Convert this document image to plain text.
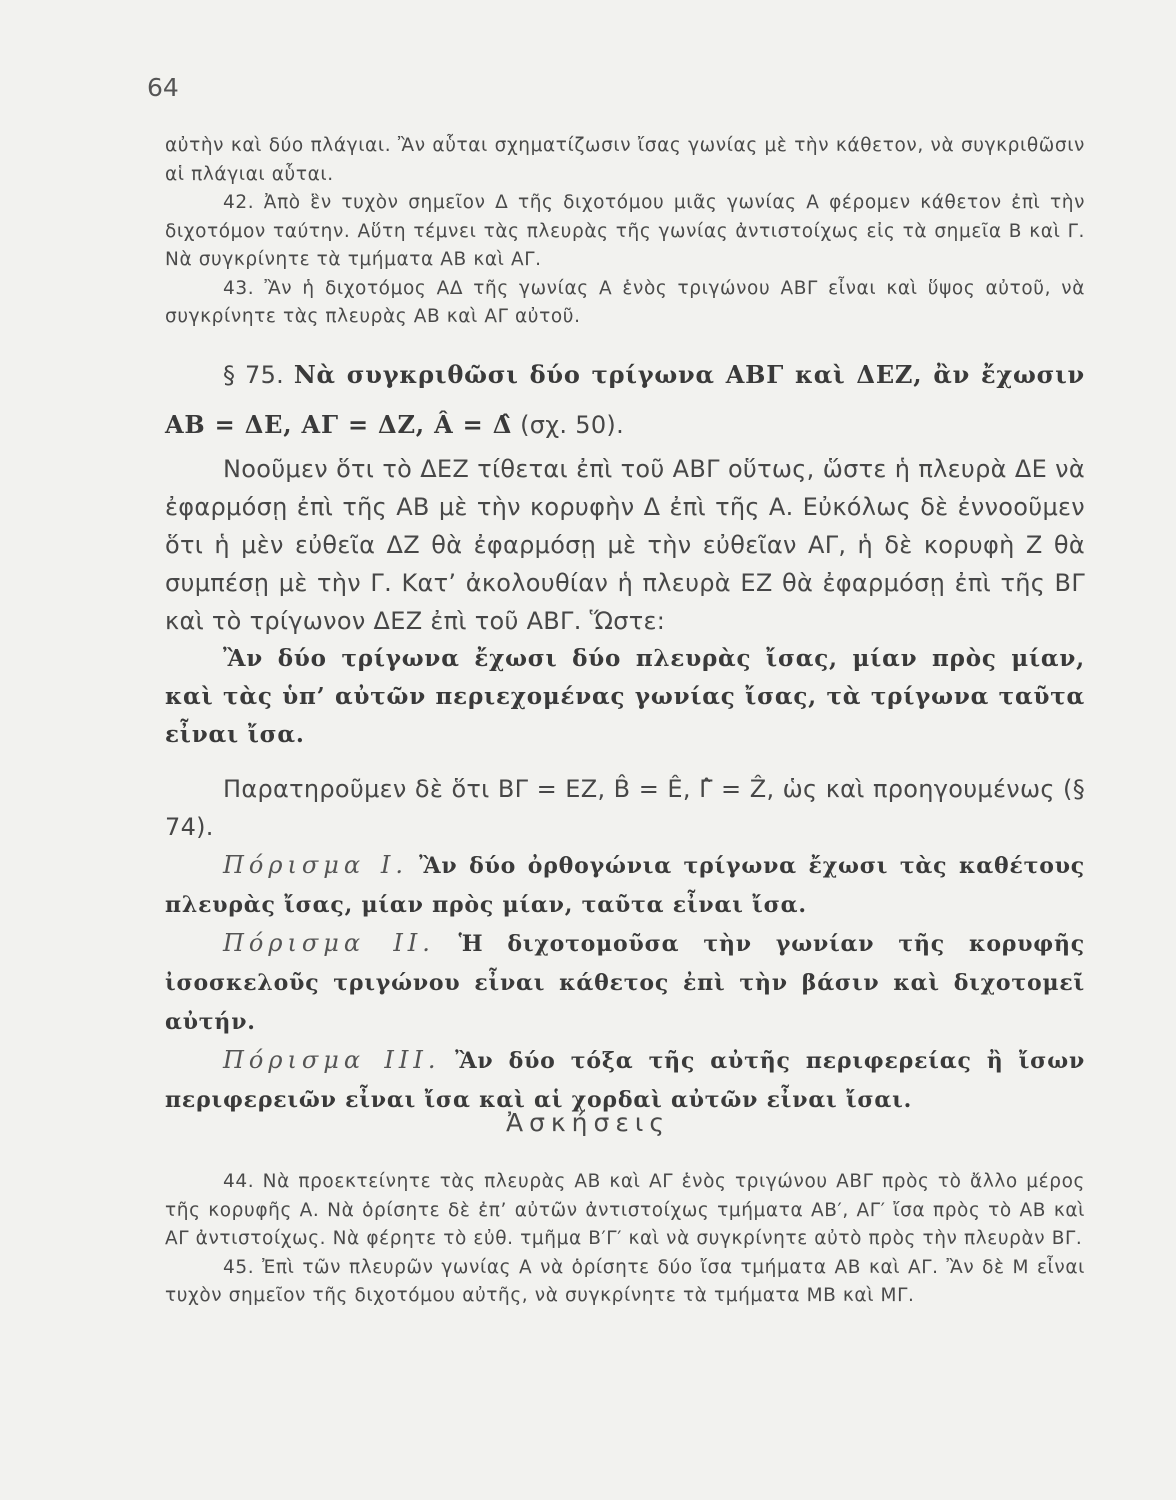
64

αὐτὴν καὶ δύο πλάγιαι. Ἂν αὗται σχηματίζωσιν ἴσας γωνίας μὲ τὴν κάθετον, νὰ συγκριθῶσιν αἱ πλάγιαι αὗται.

42. Ἀπὸ ἓν τυχὸν σημεῖον Δ τῆς διχοτόμου μιᾶς γωνίας Α φέρομεν κάθετον ἐπὶ τὴν διχοτόμον ταύτην. Αὕτη τέμνει τὰς πλευρὰς τῆς γωνίας ἀντιστοίχως εἰς τὰ σημεῖα Β καὶ Γ. Νὰ συγκρίνητε τὰ τμήματα ΑΒ καὶ ΑΓ.

43. Ἂν ἡ διχοτόμος ΑΔ τῆς γωνίας Α ἑνὸς τριγώνου ΑΒΓ εἶναι καὶ ὕψος αὐτοῦ, νὰ συγκρίνητε τὰς πλευρὰς ΑΒ καὶ ΑΓ αὐτοῦ.

§ 75. Νὰ συγκριθῶσι δύο τρίγωνα ΑΒΓ καὶ ΔΕΖ, ἂν ἔχωσιν ΑΒ = ΔΕ, ΑΓ = ΔΖ, Â = Δ̂ (σχ. 50).

Νοοῦμεν ὅτι τὸ ΔΕΖ τίθεται ἐπὶ τοῦ ΑΒΓ οὕτως, ὥστε ἡ πλευρὰ ΔΕ νὰ ἐφαρμόσῃ ἐπὶ τῆς ΑΒ μὲ τὴν κορυφὴν Δ ἐπὶ τῆς Α. Εὐκόλως δὲ ἐννοοῦμεν ὅτι ἡ μὲν εὐθεῖα ΔΖ θὰ ἐφαρμόσῃ μὲ τὴν εὐθεῖαν ΑΓ, ἡ δὲ κορυφὴ Ζ θὰ συμπέσῃ μὲ τὴν Γ. Κατ’ ἀκολουθίαν ἡ πλευρὰ ΕΖ θὰ ἐφαρμόσῃ ἐπὶ τῆς ΒΓ καὶ τὸ τρίγωνον ΔΕΖ ἐπὶ τοῦ ΑΒΓ. Ὥστε:

Ἂν δύο τρίγωνα ἔχωσι δύο πλευρὰς ἴσας, μίαν πρὸς μίαν, καὶ τὰς ὑπ’ αὐτῶν περιεχομένας γωνίας ἴσας, τὰ τρίγωνα ταῦτα εἶναι ἴσα.

Παρατηροῦμεν δὲ ὅτι ΒΓ = ΕΖ, B̂ = Ê, Γ̂ = Ẑ, ὡς καὶ προηγουμένως (§ 74).

Πόρισμα Ι. Ἂν δύο ὀρθογώνια τρίγωνα ἔχωσι τὰς καθέτους πλευρὰς ἴσας, μίαν πρὸς μίαν, ταῦτα εἶναι ἴσα.

Πόρισμα ΙΙ. Ἡ διχοτομοῦσα τὴν γωνίαν τῆς κορυφῆς ἰσοσκελοῦς τριγώνου εἶναι κάθετος ἐπὶ τὴν βάσιν καὶ διχοτομεῖ αὐτήν.

Πόρισμα ΙΙΙ. Ἂν δύο τόξα τῆς αὐτῆς περιφερείας ἢ ἴσων περιφερειῶν εἶναι ἴσα καὶ αἱ χορδαὶ αὐτῶν εἶναι ἴσαι.

Ἀσκήσεις

44. Νὰ προεκτείνητε τὰς πλευρὰς ΑΒ καὶ ΑΓ ἑνὸς τριγώνου ΑΒΓ πρὸς τὸ ἄλλο μέρος τῆς κορυφῆς Α. Νὰ ὁρίσητε δὲ ἐπ’ αὐτῶν ἀντιστοίχως τμήματα ΑΒ′, ΑΓ′ ἴσα πρὸς τὸ ΑΒ καὶ ΑΓ ἀντιστοίχως. Νὰ φέρητε τὸ εὐθ. τμῆμα Β′Γ′ καὶ νὰ συγκρίνητε αὐτὸ πρὸς τὴν πλευρὰν ΒΓ.

45. Ἐπὶ τῶν πλευρῶν γωνίας Α νὰ ὁρίσητε δύο ἴσα τμήματα ΑΒ καὶ ΑΓ. Ἂν δὲ Μ εἶναι τυχὸν σημεῖον τῆς διχοτόμου αὐτῆς, νὰ συγκρίνητε τὰ τμήματα ΜΒ καὶ ΜΓ.
